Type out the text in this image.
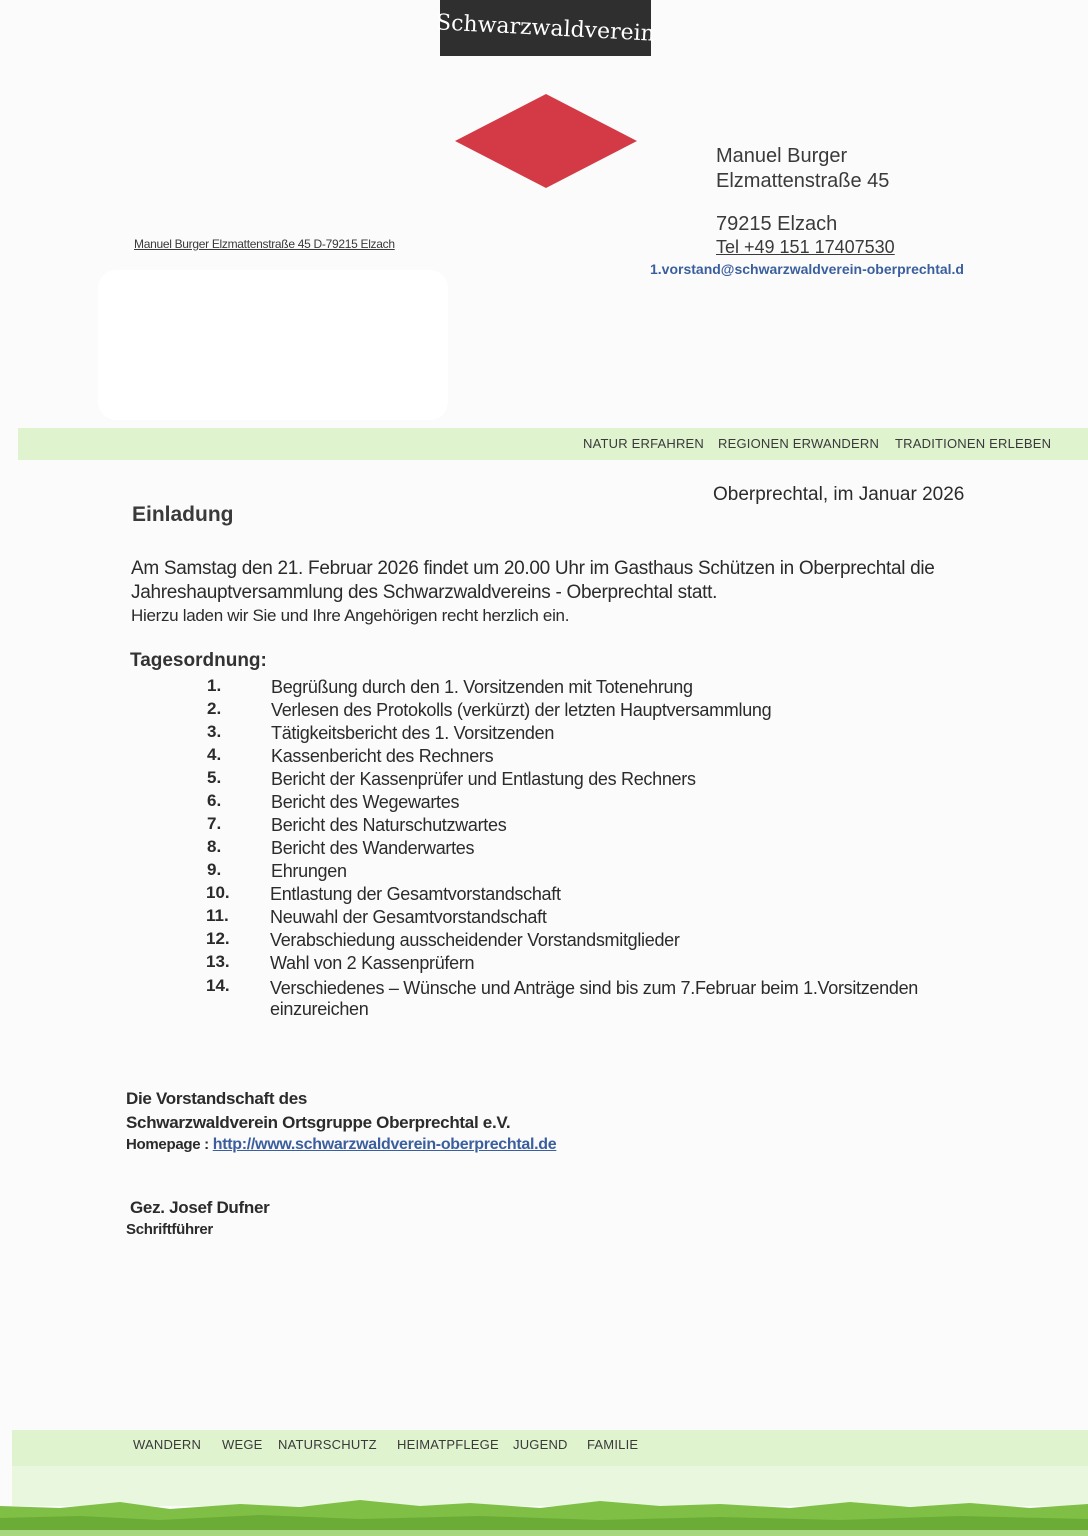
Schwarzwaldverein
Manuel Burger
Elzmattenstraße 45
79215 Elzach
Tel +49 151 17407530
1.vorstand@schwarzwaldverein-oberprechtal.d
Manuel Burger Elzmattenstraße 45 D-79215 Elzach
NATUR ERFAHREN REGIONEN ERWANDERN TRADITIONEN ERLEBEN
Oberprechtal, im Januar 2026
Einladung
Am Samstag den 21. Februar 2026 findet um 20.00 Uhr im Gasthaus Schützen in Oberprechtal die
Jahreshauptversammlung des Schwarzwaldvereins - Oberprechtal statt.
Hierzu laden wir Sie und Ihre Angehörigen recht herzlich ein.
Tagesordnung:
1.	Begrüßung durch den 1. Vorsitzenden mit Totenehrung
2.	Verlesen des Protokolls (verkürzt) der letzten Hauptversammlung
3.	Tätigkeitsbericht des 1. Vorsitzenden
4.	Kassenbericht des Rechners
5.	Bericht der Kassenprüfer und Entlastung des Rechners
6.	Bericht des Wegewartes
7.	Bericht des Naturschutzwartes
8.	Bericht des Wanderwartes
9.	Ehrungen
10.	Entlastung der Gesamtvorstandschaft
11.	Neuwahl der Gesamtvorstandschaft
12.	Verabschiedung ausscheidender Vorstandsmitglieder
13.	Wahl von 2 Kassenprüfern
14.	Verschiedenes – Wünsche und Anträge sind bis zum 7.Februar beim 1.Vorsitzenden
einzureichen
Die Vorstandschaft des
Schwarzwaldverein Ortsgruppe Oberprechtal e.V.
Homepage : http://www.schwarzwaldverein-oberprechtal.de
Gez. Josef Dufner
Schriftführer
WANDERN WEGE NATURSCHUTZ HEIMATPFLEGE JUGEND FAMILIE
